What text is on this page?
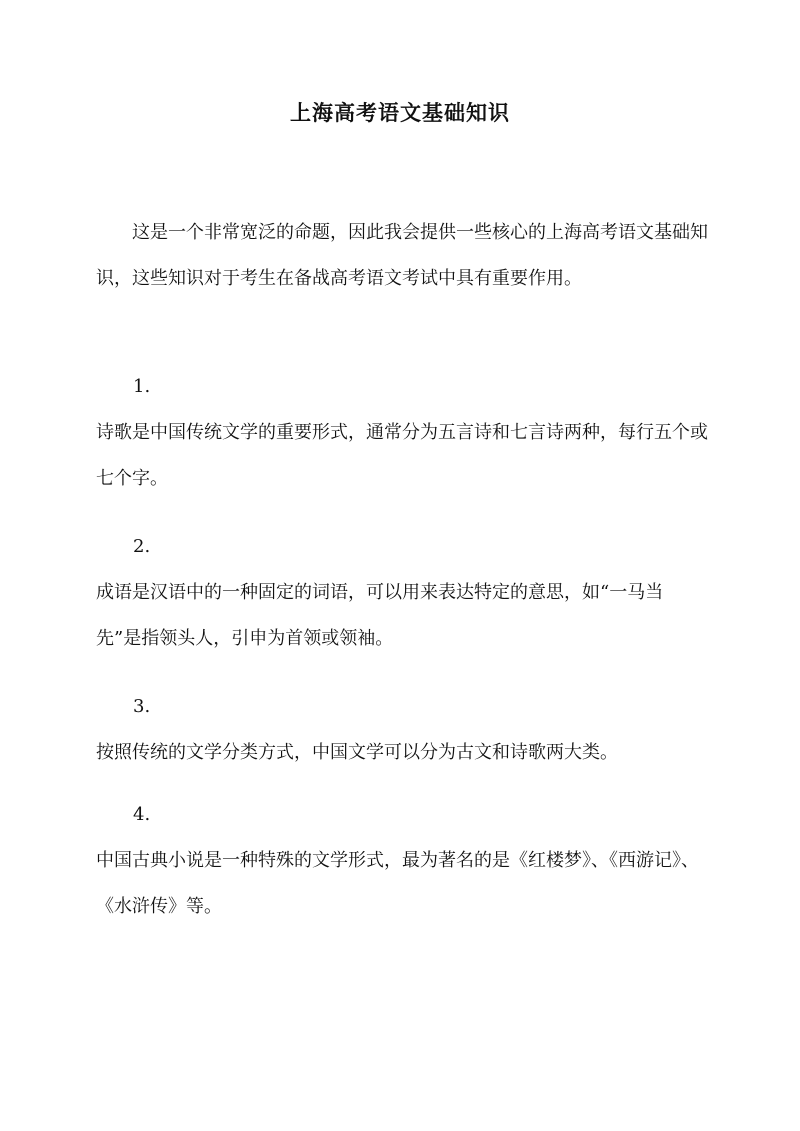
上海高考语文基础知识

这是一个非常宽泛的命题，因此我会提供一些核心的上海高考语文基础知识，这些知识对于考生在备战高考语文考试中具有重要作用。

1.

诗歌是中国传统文学的重要形式，通常分为五言诗和七言诗两种，每行五个或七个字。

2.

成语是汉语中的一种固定的词语，可以用来表达特定的意思，如“一马当先”是指领头人，引申为首领或领袖。

3.

按照传统的文学分类方式，中国文学可以分为古文和诗歌两大类。

4.

中国古典小说是一种特殊的文学形式，最为著名的是《红楼梦》、《西游记》、《水浒传》等。
